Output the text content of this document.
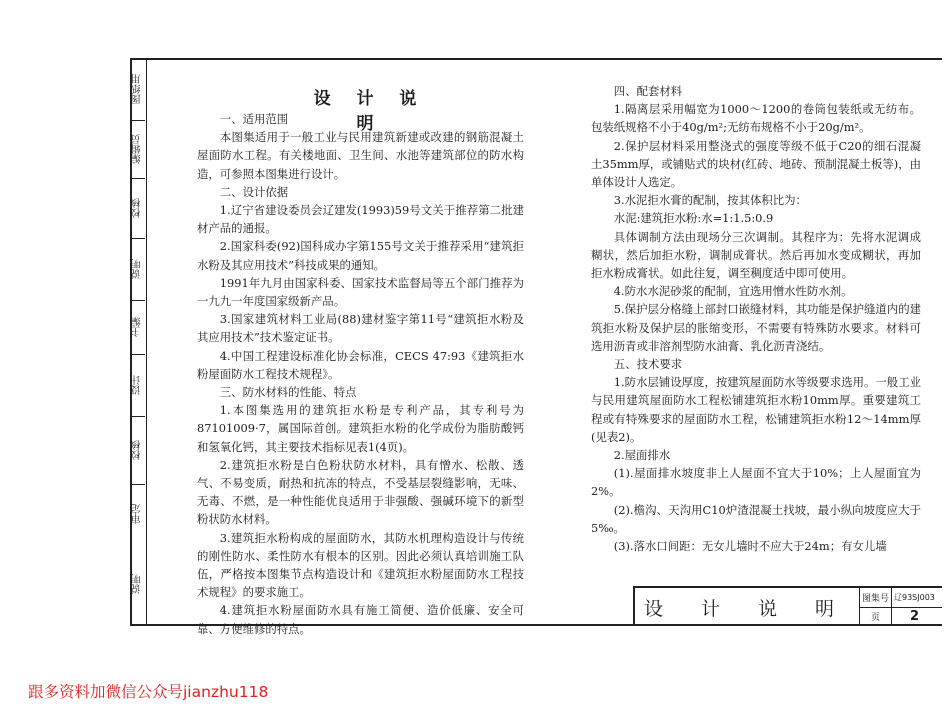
图纸用
编辑员
校核
说明
主编
设计
校核
审定
说明
设 计 说 明

一、适用范围

本图集适用于一般工业与民用建筑新建或改建的钢筋混凝土屋面防水工程。有关楼地面、卫生间、水池等建筑部位的防水构造，可参照本图集进行设计。

二、设计依据

1.辽宁省建设委员会辽建发(1993)59号文关于推荐第二批建材产品的通报。

2.国家科委(92)国科成办字第155号文关于推荐采用“建筑拒水粉及其应用技术”科技成果的通知。

1991年九月由国家科委、国家技术监督局等五个部门推荐为一九九一年度国家级新产品。

3.国家建筑材料工业局(88)建材鉴字第11号“建筑拒水粉及其应用技术”技术鉴定证书。

4.中国工程建设标准化协会标准，CECS 47:93《建筑拒水粉屋面防水工程技术规程》。

三、防水材料的性能、特点

1.本图集选用的建筑拒水粉是专利产品，其专利号为87101009·7，属国际首创。建筑拒水粉的化学成份为脂肪酸钙和氢氧化钙，其主要技术指标见表1(4页)。

2.建筑拒水粉是白色粉状防水材料，具有憎水、松散、透气、不易变质，耐热和抗冻的特点，不受基层裂缝影响，无味、无毒、不燃，是一种性能优良适用于非强酸、强碱环境下的新型粉状防水材料。

3.建筑拒水粉构成的屋面防水，其防水机理构造设计与传统的刚性防水、柔性防水有根本的区别。因此必须认真培训施工队伍，严格按本图集节点构造设计和《建筑拒水粉屋面防水工程技术规程》的要求施工。

4.建筑拒水粉屋面防水具有施工简便、造价低廉、安全可靠、方便维修的特点。

四、配套材料

1.隔离层采用幅宽为1000～1200的卷筒包装纸或无纺布。包装纸规格不小于40g/m²;无纺布规格不小于20g/m²。

2.保护层材料采用整浇式的强度等级不低于C20的细石混凝土35mm厚，或铺贴式的块材(红砖、地砖、预制混凝土板等)，由单体设计人选定。

3.水泥拒水膏的配制，按其体积比为：

水泥:建筑拒水粉:水=1:1.5:0.9

具体调制方法由现场分三次调制。其程序为：先将水泥调成糊状，然后加拒水粉，调制成膏状。然后再加水变成糊状，再加拒水粉成膏状。如此往复，调至稠度适中即可使用。

4.防水水泥砂浆的配制，宜选用憎水性防水剂。

5.保护层分格缝上部封口嵌缝材料，其功能是保护缝道内的建筑拒水粉及保护层的胀缩变形，不需要有特殊防水要求。材料可选用沥青或非溶剂型防水油膏、乳化沥青浇结。

五、技术要求

1.防水层铺设厚度，按建筑屋面防水等级要求选用。一般工业与民用建筑屋面防水工程松铺建筑拒水粉10mm厚。重要建筑工程或有特殊要求的屋面防水工程，松铺建筑拒水粉12～14mm厚(见表2)。

2.屋面排水

(1).屋面排水坡度非上人屋面不宜大于10%；上人屋面宜为2%。

(2).檐沟、天沟用C10炉渣混凝土找坡，最小纵向坡度应大于5‰。

(3).落水口间距：无女儿墙时不应大于24m；有女儿墙

设 计 说 明	图集号 辽93SJ003
页	2
跟多资料加微信公众号jianzhu118
